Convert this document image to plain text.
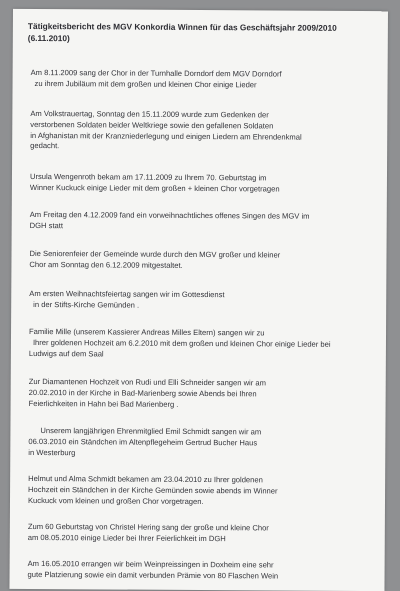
Tätigkeitsbericht des MGV Konkordia Winnen für das Geschäftsjahr 2009/2010
(6.11.2010)
Am 8.11.2009 sang der Chor in der Turnhalle Dorndorf dem MGV Dorndorf
zu ihrem Jubiläum mit dem großen und kleinen Chor einige Lieder
Am Volkstrauertag, Sonntag den 15.11.2009 wurde zum Gedenken der
verstorbenen Soldaten beider Weltkriege sowie den gefallenen Soldaten
in Afghanistan mit der Kranzniederlegung und einigen Liedern am Ehrendenkmal
gedacht.
Ursula Wengenroth bekam am 17.11.2009 zu Ihrem 70. Geburtstag im
Winner Kuckuck einige Lieder mit dem großen + kleinen Chor vorgetragen
Am Freitag den 4.12.2009 fand ein vorweihnachtliches offenes Singen des MGV im
DGH statt
Die Seniorenfeier der Gemeinde wurde durch den MGV großer und kleiner
Chor am Sonntag den 6.12.2009 mitgestaltet.
Am ersten Weihnachtsfeiertag sangen wir im Gottesdienst
in der Stifts-Kirche Gemünden .
Familie Mille (unserem Kassierer Andreas Milles Eltern) sangen wir zu
Ihrer goldenen Hochzeit am 6.2.2010 mit dem großen und kleinen Chor einige Lieder bei
Ludwigs auf dem Saal
Zur Diamantenen Hochzeit von Rudi und Elli Schneider sangen wir am
20.02.2010 in der Kirche in Bad-Marienberg sowie Abends bei Ihren
Feierlichkeiten in Hahn bei Bad Marienberg .
Unserem langjährigen Ehrenmitglied Emil Schmidt sangen wir am
06.03.2010 ein Ständchen im Altenpflegeheim Gertrud Bucher Haus
in Westerburg
Helmut und Alma Schmidt bekamen am 23.04.2010 zu Ihrer goldenen
Hochzeit ein Ständchen in der Kirche Gemünden sowie abends im Winner
Kuckuck vom kleinen und großen Chor vorgetragen.
Zum 60 Geburtstag von Christel Hering sang der große und kleine Chor
am 08.05.2010 einige Lieder bei Ihrer Feierlichkeit im DGH
Am 16.05.2010 errangen wir beim Weinpreissingen in Doxheim eine sehr
gute Platzierung sowie ein damit verbunden Prämie von 80 Flaschen Wein
